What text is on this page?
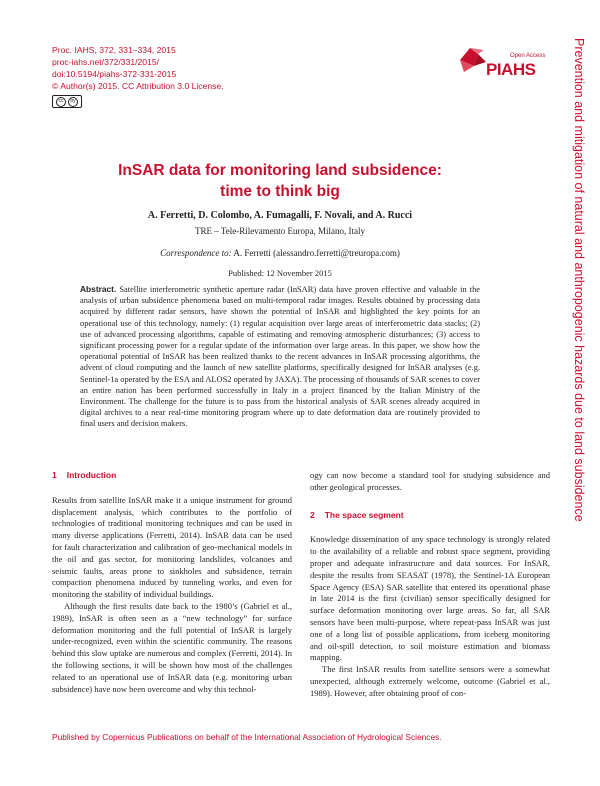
Proc. IAHS, 372, 331–334, 2015
proc-iahs.net/372/331/2015/
doi:10.5194/piahs-372-331-2015
© Author(s) 2015. CC Attribution 3.0 License.
cc	by
Open Access
PIAHS	Prevention and mitigation of natural and anthropogenic hazards due to land subsidence
InSAR data for monitoring land subsidence:
time to think big
A. Ferretti, D. Colombo, A. Fumagalli, F. Novali, and A. Rucci
TRE – Tele-Rilevamento Europa, Milano, Italy
Correspondence to: A. Ferretti (alessandro.ferretti@treuropa.com)
Published: 12 November 2015
Abstract. Satellite interferometric synthetic aperture radar (InSAR) data have proven effective and valuable in the analysis of urban subsidence phenomena based on multi-temporal radar images. Results obtained by processing data acquired by different radar sensors, have shown the potential of InSAR and highlighted the key points for an operational use of this technology, namely: (1) regular acquisition over large areas of interferometric data stacks; (2) use of advanced processing algorithms, capable of estimating and removing atmospheric disturbances; (3) access to significant processing power for a regular update of the information over large areas. In this paper, we show how the operational potential of InSAR has been realized thanks to the recent advances in InSAR processing algorithms, the advent of cloud computing and the launch of new satellite platforms, specifically designed for InSAR analyses (e.g. Sentinel-1a operated by the ESA and ALOS2 operated by JAXA). The processing of thousands of SAR scenes to cover an entire nation has been performed successfully in Italy in a project financed by the Italian Ministry of the Environment. The challenge for the future is to pass from the historical analysis of SAR scenes already acquired in digital archives to a near real-time monitoring program where up to date deformation data are routinely provided to final users and decision makers.
1 Introduction

Results from satellite InSAR make it a unique instrument for ground displacement analysis, which contributes to the portfolio of technologies of traditional monitoring techniques and can be used in many diverse applications (Ferretti, 2014). InSAR data can be used for fault characterization and calibration of geo-mechanical models in the oil and gas sector, for monitoring landslides, volcanoes and seismic faults, areas prone to sinkholes and subsidence, terrain compaction phenomena induced by tunneling works, and even for monitoring the stability of individual buildings.

Although the first results date back to the 1980’s (Gabriel et al., 1989), InSAR is often seen as a “new technology” for surface deformation monitoring and the full potential of InSAR is largely under-recognized, even within the scientific community. The reasons behind this slow uptake are numerous and complex (Ferretti, 2014). In the following sections, it will be shown how most of the challenges related to an operational use of InSAR data (e.g. monitoring urban subsidence) have now been overcome and why this technol-

ogy can now become a standard tool for studying subsidence and other geological processes.

2 The space segment

Knowledge dissemination of any space technology is strongly related to the availability of a reliable and robust space segment, providing proper and adequate infrastructure and data sources. For InSAR, despite the results from SEASAT (1978), the Sentinel-1A European Space Agency (ESA) SAR satellite that entered its operational phase in late 2014 is the first (civilian) sensor specifically designed for surface deformation monitoring over large areas. So far, all SAR sensors have been multi-purpose, where repeat-pass InSAR was just one of a long list of possible applications, from iceberg monitoring and oil-spill detection, to soil moisture estimation and biomass mapping.

The first InSAR results from satellite sensors were a somewhat unexpected, although extremely welcome, outcome (Gabriel et al., 1989). However, after obtaining proof of con-

Published by Copernicus Publications on behalf of the International Association of Hydrological Sciences.
